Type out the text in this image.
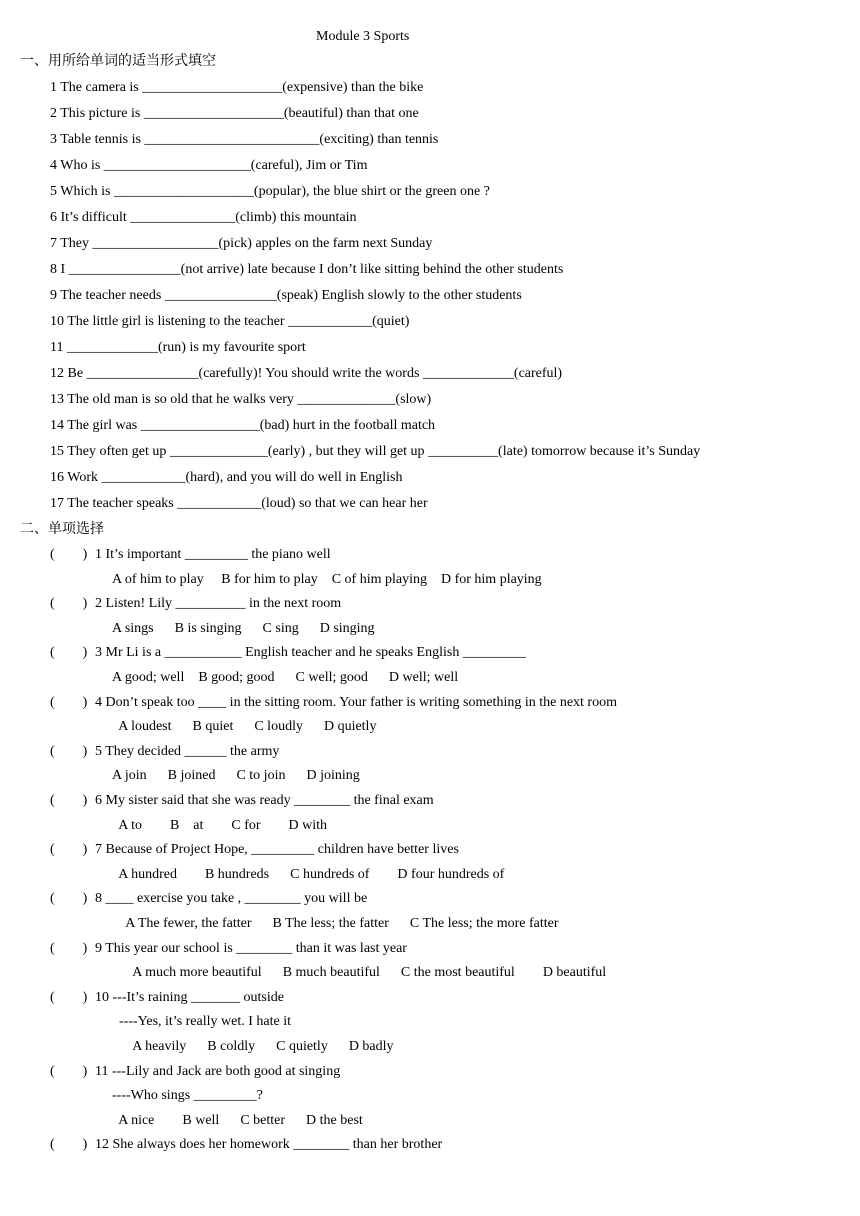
Module 3 Sports
一、用所给单词的适当形式填空
1 The camera is ____________________(expensive) than the bike
2 This picture is ____________________(beautiful) than that one
3 Table tennis is _________________________(exciting) than tennis
4 Who is _____________________(careful), Jim or Tim
5 Which is ____________________(popular), the blue shirt or the green one ?
6 It’s difficult _______________(climb) this mountain
7 They __________________(pick) apples on the farm next Sunday
8 I ________________(not arrive) late because I don’t like sitting behind the other students
9 The teacher needs ________________(speak) English slowly to the other students
10 The little girl is listening to the teacher ____________(quiet)
11 _____________(run) is my favourite sport
12 Be ________________(carefully)! You should write the words _____________(careful)
13 The old man is so old that he walks very ______________(slow)
14 The girl was _________________(bad) hurt in the football match
15 They often get up ______________(early) , but they will get up __________(late) tomorrow because it’s Sunday
16 Work ____________(hard), and you will do well in English
17 The teacher speaks ____________(loud) so that we can hear her
二、单项选择
(        ) 1 It’s important _________ the piano well
A of him to play     B for him to play    C of him playing    D for him playing
(        ) 2 Listen! Lily __________ in the next room
A sings      B is singing      C sing      D singing
(        ) 3 Mr Li is a ___________ English teacher and he speaks English _________
A good; well    B good; good      C well; good      D well; well
(        ) 4 Don’t speak too ____ in the sitting room. Your father is writing something in the next room
A loudest      B quiet      C loudly      D quietly
(        ) 5 They decided ______ the army
A join      B joined      C to join      D joining
(        ) 6 My sister said that she was ready ________ the final exam
A to        B    at        C for        D with
(        ) 7 Because of Project Hope, _________ children have better lives
A hundred        B hundreds      C hundreds of        D four hundreds of
(        ) 8 ____ exercise you take , ________ you will be
A The fewer, the fatter      B The less; the fatter      C The less; the more fatter
(        ) 9 This year our school is ________ than it was last year
A much more beautiful      B much beautiful      C the most beautiful        D beautiful
(        ) 10 ---It’s raining _______ outside
----Yes, it’s really wet. I hate it
A heavily      B coldly      C quietly      D badly
(        ) 11 ---Lily and Jack are both good at singing
----Who sings _________?
A nice        B well      C better      D the best
(        ) 12 She always does her homework ________ than her brother
